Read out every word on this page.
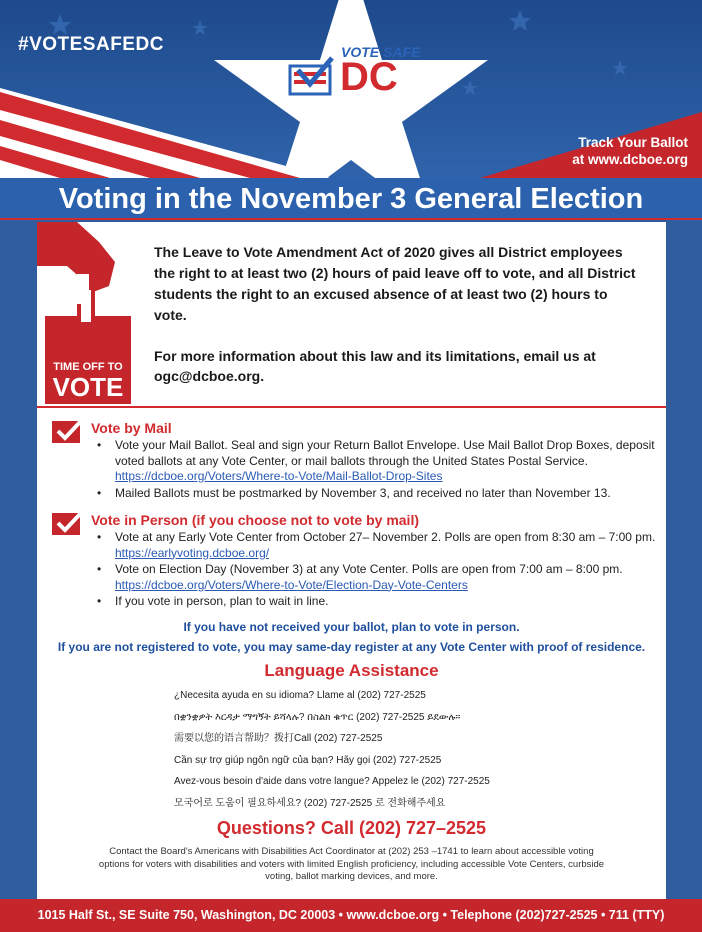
#VOTESAFEDC	VOTE SAFE
DC
Track Your Ballot
at www.dcboe.org
Voting in the November 3 General Election
TIME OFF TO
VOTE
The Leave to Vote Amendment Act of 2020 gives all District employees the right to at least two (2) hours of paid leave off to vote, and all District students the right to an excused absence of at least two (2) hours to vote.
For more information about this law and its limitations, email us at ogc@dcboe.org.
Vote by Mail
• Vote your Mail Ballot. Seal and sign your Return Ballot Envelope. Use Mail Ballot Drop Boxes, deposit voted ballots at any Vote Center, or mail ballots through the United States Postal Service. https://dcboe.org/Voters/Where-to-Vote/Mail-Ballot-Drop-Sites
• Mailed Ballots must be postmarked by November 3, and received no later than November 13.
Vote in Person (if you choose not to vote by mail)
• Vote at any Early Vote Center from October 27– November 2. Polls are open from 8:30 am – 7:00 pm. https://earlyvoting.dcboe.org/
• Vote on Election Day (November 3) at any Vote Center. Polls are open from 7:00 am – 8:00 pm. https://dcboe.org/Voters/Where-to-Vote/Election-Day-Vote-Centers
• If you vote in person, plan to wait in line.
If you have not received your ballot, plan to vote in person.
If you are not registered to vote, you may same-day register at any Vote Center with proof of residence.
Language Assistance
¿Necesita ayuda en su idioma? Llame al (202) 727-2525
በቋንቋዎት እርዳታ ማግኝት ይሻላሉ? በስልክ ቁጥር (202) 727-2525 ይደውሉ።
需要以您的语言帮助？拨打Call (202) 727-2525
Cần sự trợ giúp ngôn ngữ của bạn? Hãy gọi (202) 727-2525
Avez-vous besoin d'aide dans votre langue? Appelez le (202) 727-2525
모국어로 도움이 필요하세요? (202) 727-2525 로 전화해주세요
Questions? Call (202) 727–2525
Contact the Board's Americans with Disabilities Act Coordinator at (202) 253 –1741 to learn about accessible voting options for voters with disabilities and voters with limited English proficiency, including accessible Vote Centers, curbside voting, ballot marking devices, and more.
1015 Half St., SE Suite 750, Washington, DC 20003 • www.dcboe.org • Telephone (202)727-2525 • 711 (TTY)
